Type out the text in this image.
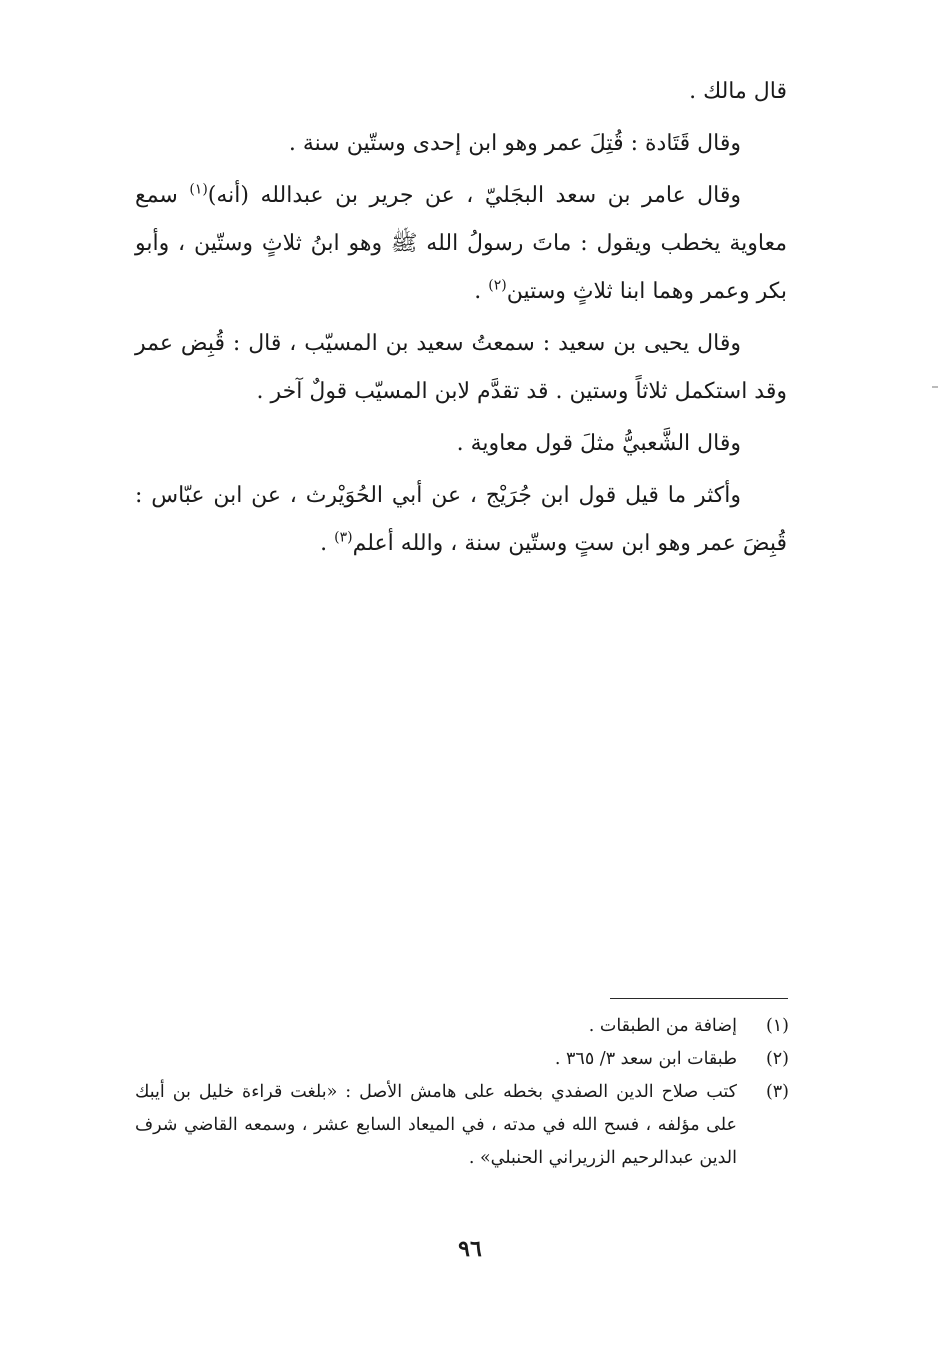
قال مالك .

وقال قَتَادة : قُتِلَ عمر وهو ابن إحدى وستّين سنة .

وقال عامر بن سعد البجَليّ ، عن جرير بن عبدالله (أنه)$^{(١)}$ سمع معاوية يخطب ويقول : ماتَ رسولُ الله ﷺ وهو ابنُ ثلاثٍ وستّين ، وأبو بكر وعمر وهما ابنا ثلاثٍ وستين$^{(٢)}$ .

وقال يحيى بن سعيد : سمعتُ سعيد بن المسيّب ، قال : قُبِض عمر وقد استكمل ثلاثاً وستين . قد تقدَّم لابن المسيّب قولٌ آخر .

وقال الشَّعبيُّ مثلَ قول معاوية .

وأكثر ما قيل قول ابن جُرَيْج ، عن أبي الحُوَيْرث ، عن ابن عبّاس : قُبِضَ عمر وهو ابن ستٍ وستّين سنة ، والله أعلم$^{(٣)}$ .

(١)
إضافة من الطبقات .
(٢)
طبقات ابن سعد ٣/ ٣٦٥ .
(٣)
كتب صلاح الدين الصفدي بخطه على هامش الأصل : «بلغت قراءة خليل بن أيبك على مؤلفه ، فسح الله في مدته ، في الميعاد السابع عشر ، وسمعه القاضي شرف الدين عبدالرحيم الزريراني الحنبلي» .
٩٦
